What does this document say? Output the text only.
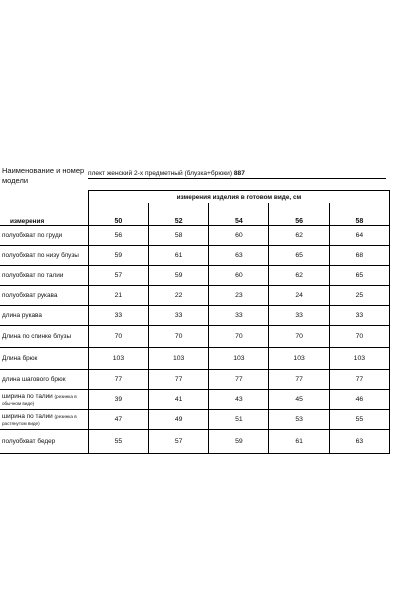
Наименование и номер
модели
плект женский 2-х предметный (блузка+брюки) 887
	измерения изделия в готовом виде, см				
измерения	50	52	54	56	58
полуобхват по груди	56	58	60	62	64
полуобхват по низу блузы	59	61	63	65	68
полуобхват по талии	57	59	60	62	65
полуобхват рукава	21	22	23	24	25
длина рукава	33	33	33	33	33
Длина по спинке блузы	70	70	70	70	70
Длина брюк	103	103	103	103	103
длина шагового брюк	77	77	77	77	77
ширина по талии (резинка в обычном виде)	39	41	43	45	46
ширина по талии (резинка в растянутом виде)	47	49	51	53	55
полуобхват бедер	55	57	59	61	63
